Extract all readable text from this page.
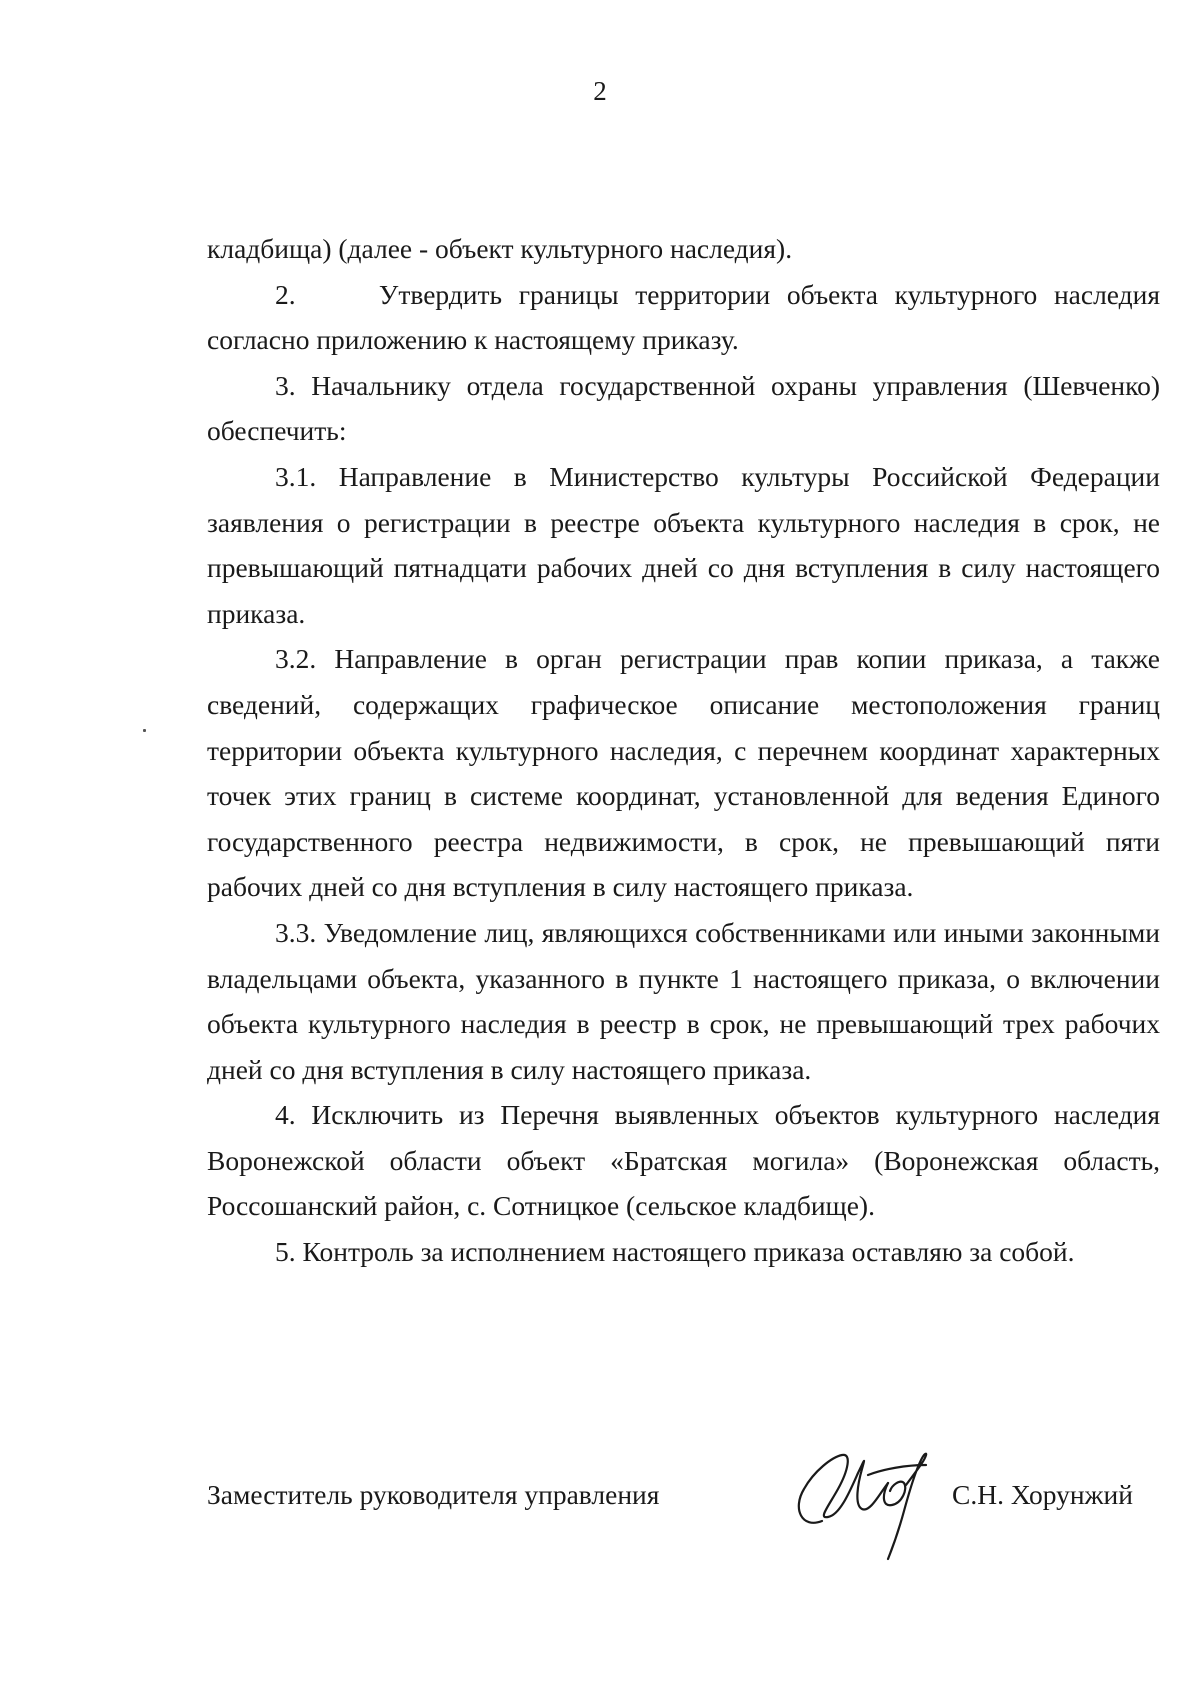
2

кладбища) (далее - объект культурного наследия).

2.     Утвердить границы территории объекта культурного наследия согласно приложению к настоящему приказу.

3. Начальнику отдела государственной охраны управления (Шевченко) обеспечить:

3.1. Направление в Министерство культуры Российской Федерации заявления о регистрации в реестре объекта культурного наследия в срок, не превышающий пятнадцати рабочих дней со дня вступления в силу настоящего приказа.

3.2. Направление в орган регистрации прав копии приказа, а также сведений, содержащих графическое описание местоположения границ территории объекта культурного наследия, с перечнем координат характерных точек этих границ в системе координат, установленной для ведения Единого государственного реестра недвижимости, в срок, не превышающий пяти рабочих дней со дня вступления в силу настоящего приказа.

3.3. Уведомление лиц, являющихся собственниками или иными законными владельцами объекта, указанного в пункте 1 настоящего приказа, о включении объекта культурного наследия в реестр в срок, не превышающий трех рабочих дней со дня вступления в силу настоящего приказа.

4. Исключить из Перечня выявленных объектов культурного наследия Воронежской области объект «Братская могила» (Воронежская область, Россошанский район, с. Сотницкое (сельское кладбище).

5. Контроль за исполнением настоящего приказа оставляю за собой.

Заместитель руководителя управления	С.Н. Хорунжий
